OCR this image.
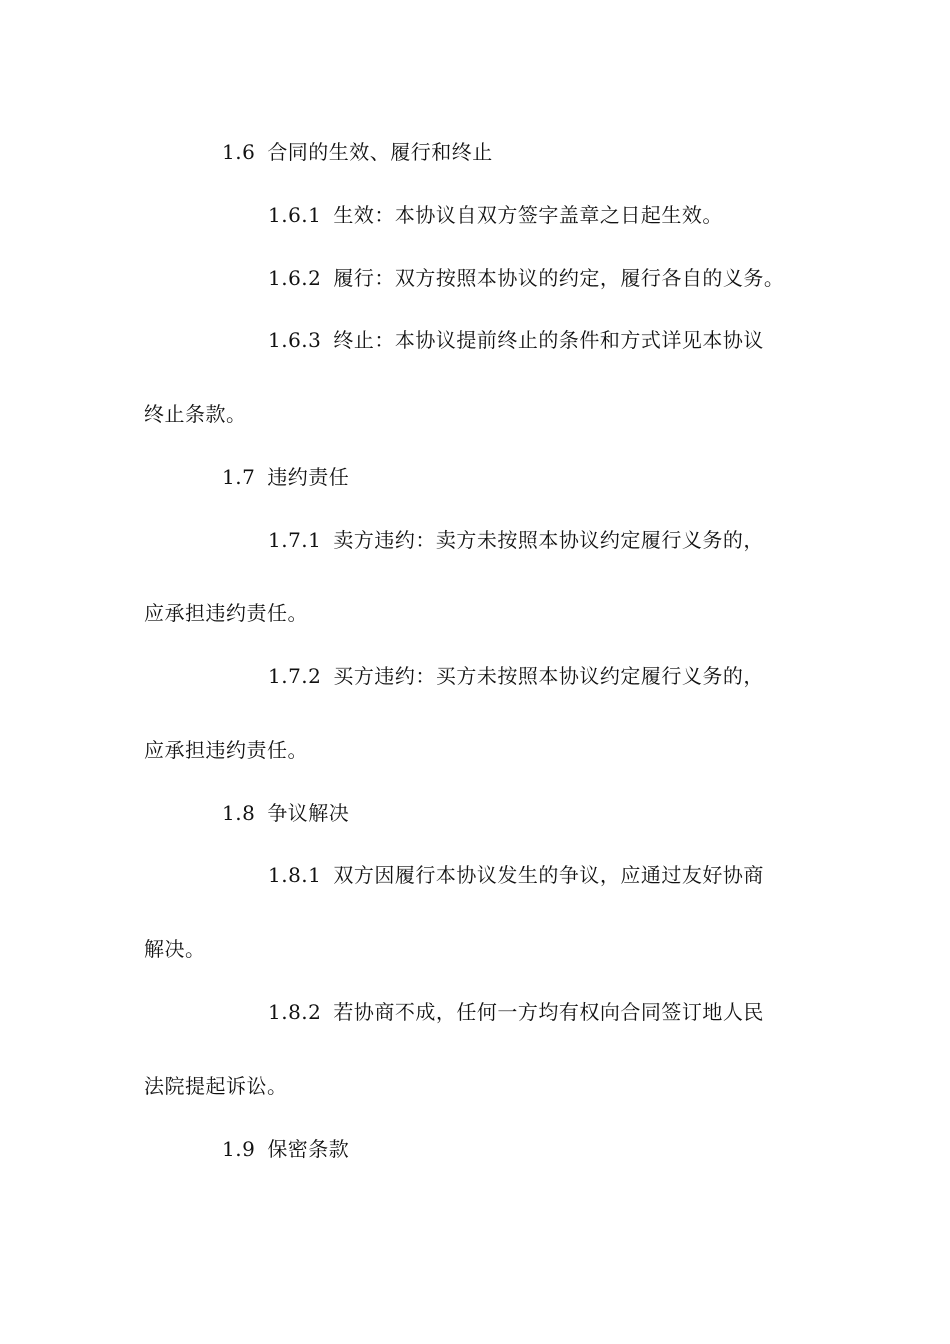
1.6 合同的生效、履行和终止
1.6.1 生效：本协议自双方签字盖章之日起生效。
1.6.2 履行：双方按照本协议的约定，履行各自的义务。
1.6.3 终止：本协议提前终止的条件和方式详见本协议
终止条款。
1.7 违约责任
1.7.1 卖方违约：卖方未按照本协议约定履行义务的，
应承担违约责任。
1.7.2 买方违约：买方未按照本协议约定履行义务的，
应承担违约责任。
1.8 争议解决
1.8.1 双方因履行本协议发生的争议，应通过友好协商
解决。
1.8.2 若协商不成，任何一方均有权向合同签订地人民
法院提起诉讼。
1.9 保密条款
